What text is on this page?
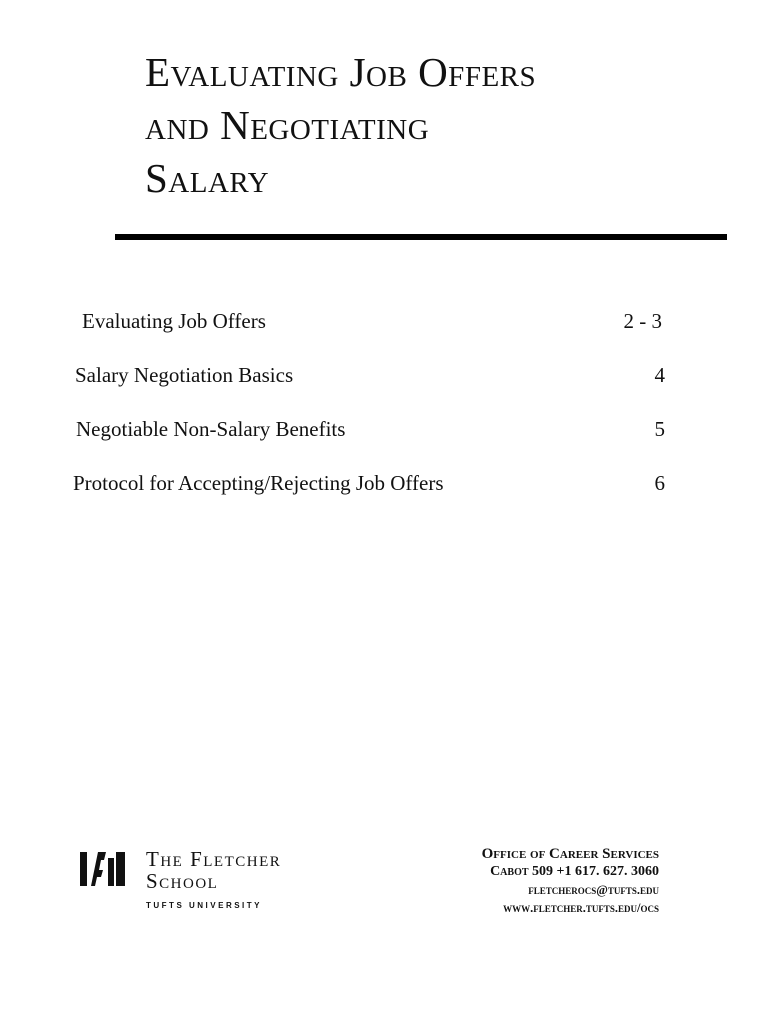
Evaluating Job Offers
and Negotiating
Salary
Evaluating Job Offers	2 - 3
Salary Negotiation Basics	4
Negotiable Non-Salary Benefits	5
Protocol for Accepting/Rejecting Job Offers	6
The Fletcher
School
TUFTS UNIVERSITY
Office of Career Services
Cabot 509 +1 617. 627. 3060
fletcherocs@tufts.edu
www.fletcher.tufts.edu/ocs
